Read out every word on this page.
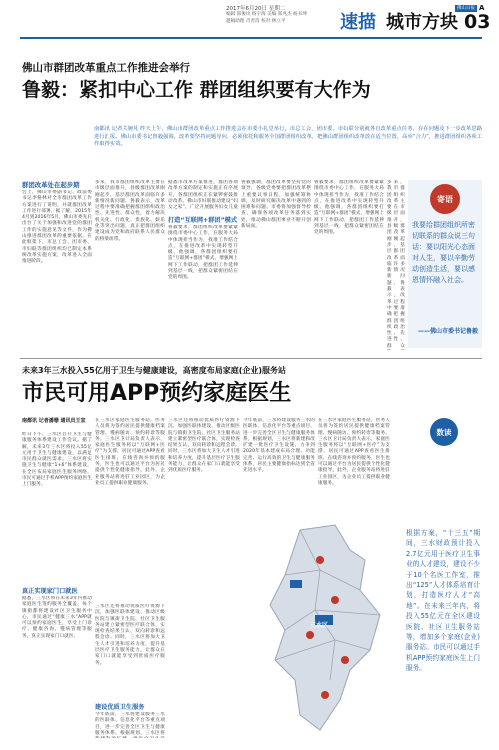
2017年6月20日 星期二
编辑 邵俊岚 杨宇海 美编 郑兆杰 杨书坤
邀稿助理 肖善清 校对 林立平
佛山日报 A
速描 城市方块 03
佛山市群团改革重点工作推进会举行
鲁毅：紧扣中心工作 群团组织要有大作为
南都讯 记者关婉芃 昨天上午，佛山市群团改革重点工作推进会在市委小礼堂举行，市总工会、团市委、市妇联分别就各自改革重点任务，存在问题及下一步改革思路进行汇报。佛山市委书记鲁毅强调，改革要坚持问题导向、必须依托和服务全国群团组织改革，把佛山群团组织改革放在适当位置，高举“合力”，推进群团组织各项工作取得实效。
群团改革处在起步期
会上，佛山市委副书记、政法委书记李格林对全市群团改革工作方案进行了说明，并就群团改革工作进行部署。据了解，2015年4月到2016年5月，佛山市委先后出台了关于加强和改进党的群团工作的实施意见等文件，作为佛山推进群团改革的重要依据。在此框架下，市总工会、团市委、市妇联等群团组织均已制定本系统改革实施方案，改革进入全面推进阶段。
多来，我市群团组织改革主要在市级层面推开，县级群团改革刚刚起步，基层群团改革面临许多新情况新问题。鲁毅表示，改革过程中要准确把握群团组织政治性、先进性、群众性，着力解决机关化、行政化、贵族化、娱乐化等突出问题，真正把群团组织建设成为党和政府联系人民群众的桥梁纽带。
据悉市改革方案推进，群团各项改革方案的制定和实施正有序展开，各群团组织正在紧锣密鼓推动改革。佛山市妇联推动建设“妇女之家”，广泛开展服务妇女儿童
打造“互联网+群团”模式
鲁毅要求，群团组织改革要紧紧围绕市委中心工作，在服务大局中体现担当作为，找准工作结合点，在推进改革中实现转型升级。他强调，各群团组织要打造“互联网+群团”模式，增强网上网下工作联动，把群团工作延伸到基层一线，把群众紧密团结在党的周围。
鲁毅强调，群团改革要坚持党的领导，各级党委要把群团改革摆上重要议事日程，加强统筹协调，及时研究解决改革中遇到的困难和问题。市委将加强督导检查，确保各项改革任务落到实处，推动佛山群团事业不断开创新局面。
鲁毅要求，群团组织改革要紧紧围绕市委中心工作，在服务大局中体现担当作为，找准工作结合点，在推进改革中实现转型升级。他强调，各群团组织要打造“互联网+群团”模式，增强网上网下工作联动，把群团工作延伸到基层一线，把群众紧密团结在党的周围。
多来，我市群团组织改革主要在市级层面推开，县级群团改革刚刚起步，基层群团改革面临许多新情况新问题。鲁毅表示，改革过程中要准确把握群团组织政治性、先进性、群众
寄语
我要给群团组织所密切联系的群众说三句话：要以阳光心态面对人生，要以辛勤劳动创造生活，要以感恩情怀融入社会。
——佛山市委书记鲁毅
未来3年三水投入55亿用于卫生与健康建设，高密度布局家庭(企业)服务站
市民可用APP预约家庭医生
南都讯 记者潘珊 通讯员王宣
昨日下午，三水区召开卫生与健康服务体系建设工作会议。据了解，未来3年三水区将投入55亿元用于卫生与健康建设，以满足市民群众就医需求。三水区将实施卫生与健康“1+6”体系建设，在全区布局家庭医生服务网络，市民可通过手机APP预约家庭医生上门服务。
真正实现家门口就医
据悉，三水区将在未来3年内推动家庭医生签约服务全覆盖，每个镇街都将建设社区卫生服务中心，市民通过“健康三水”APP就可以预约家庭医生，享受上门诊疗、健康咨询、慢病管理等服务，真正实现家门口就医。
在三水区家庭医生服务站，医务人员将为签约居民提供健康档案管理、慢病随访、预约转诊等服务。三水区卫计局负责人表示，家庭医生服务将以“互联网+医疗”为支撑，居民可通过APP查看医生排班、在线咨询并预约服务，医生也可以通过平台为居民提供个性化健康指导。此外，企业服务站将进驻工业园区，为企业员工提供职业健康服务。
建设优质卫生服务
三水区还将推动优质医疗资源下沉，加强医联体建设，推动区级医院与镇街卫生院、社区卫生服务站建立紧密型医疗联合体，实现检查结果互认、双向转诊和远程会诊。同时，三水区将加大卫生人才引进和培养力度，提升基层医疗卫生服务能力，让群众在家门口就能享受到优质医疗服务。
今年底前，三水将建设服务三水的医联体、信息化平台等重点项目，进一步完善全区卫生与健康服务体系。根据规划，三水区将
三水区还将推动优质医疗资源下沉，加强医联体建设，推动区级医院与镇街卫生院、社区卫生服务站建立紧密型医疗联合体，实现检查结果互认、双向转诊和远程会诊。同时，三水区将加大卫生人才引进和培养力度，提升基层医疗卫生服务能力，让群众在家门口就能享受到优质医疗服务。
今年底前，三水将建设服务三水的医联体、信息化平台等重点项目，进一步完善全区卫生与健康服务体系。根据规划，三水区将新建和改扩建一批医疗卫生设施，力争到2020年基本建成布局合理、功能完善、运行高效的卫生与健康服务体系，居民主要健康指标达到全省先进水平。
在三水区家庭医生服务站，医务人员将为签约居民提供健康档案管理、慢病随访、预约转诊等服务。三水区卫计局负责人表示，家庭医生服务将以“互联网+医疗”为支撑，居民可通过APP查看医生排班、在线咨询并预约服务，医生也可以通过平台为居民提供个性化健康指导。此外，企业服务站将进驻工业园区，为企业员工提供职业健康服务。
三水区
数读
根据方案，“十三五”期间，三水财政预计投入2.7亿元用于医疗卫生事业的人才建设，建设不少于10个名医工作室，推出“125”人才体系培育计划，打造医疗人才“高地”。在未来三年内，将投入55亿元在全区建设医院、社区卫生服务站等，增加多个家庭(企业)服务站。市民可以通过手机APP预约家庭医生上门服务。
